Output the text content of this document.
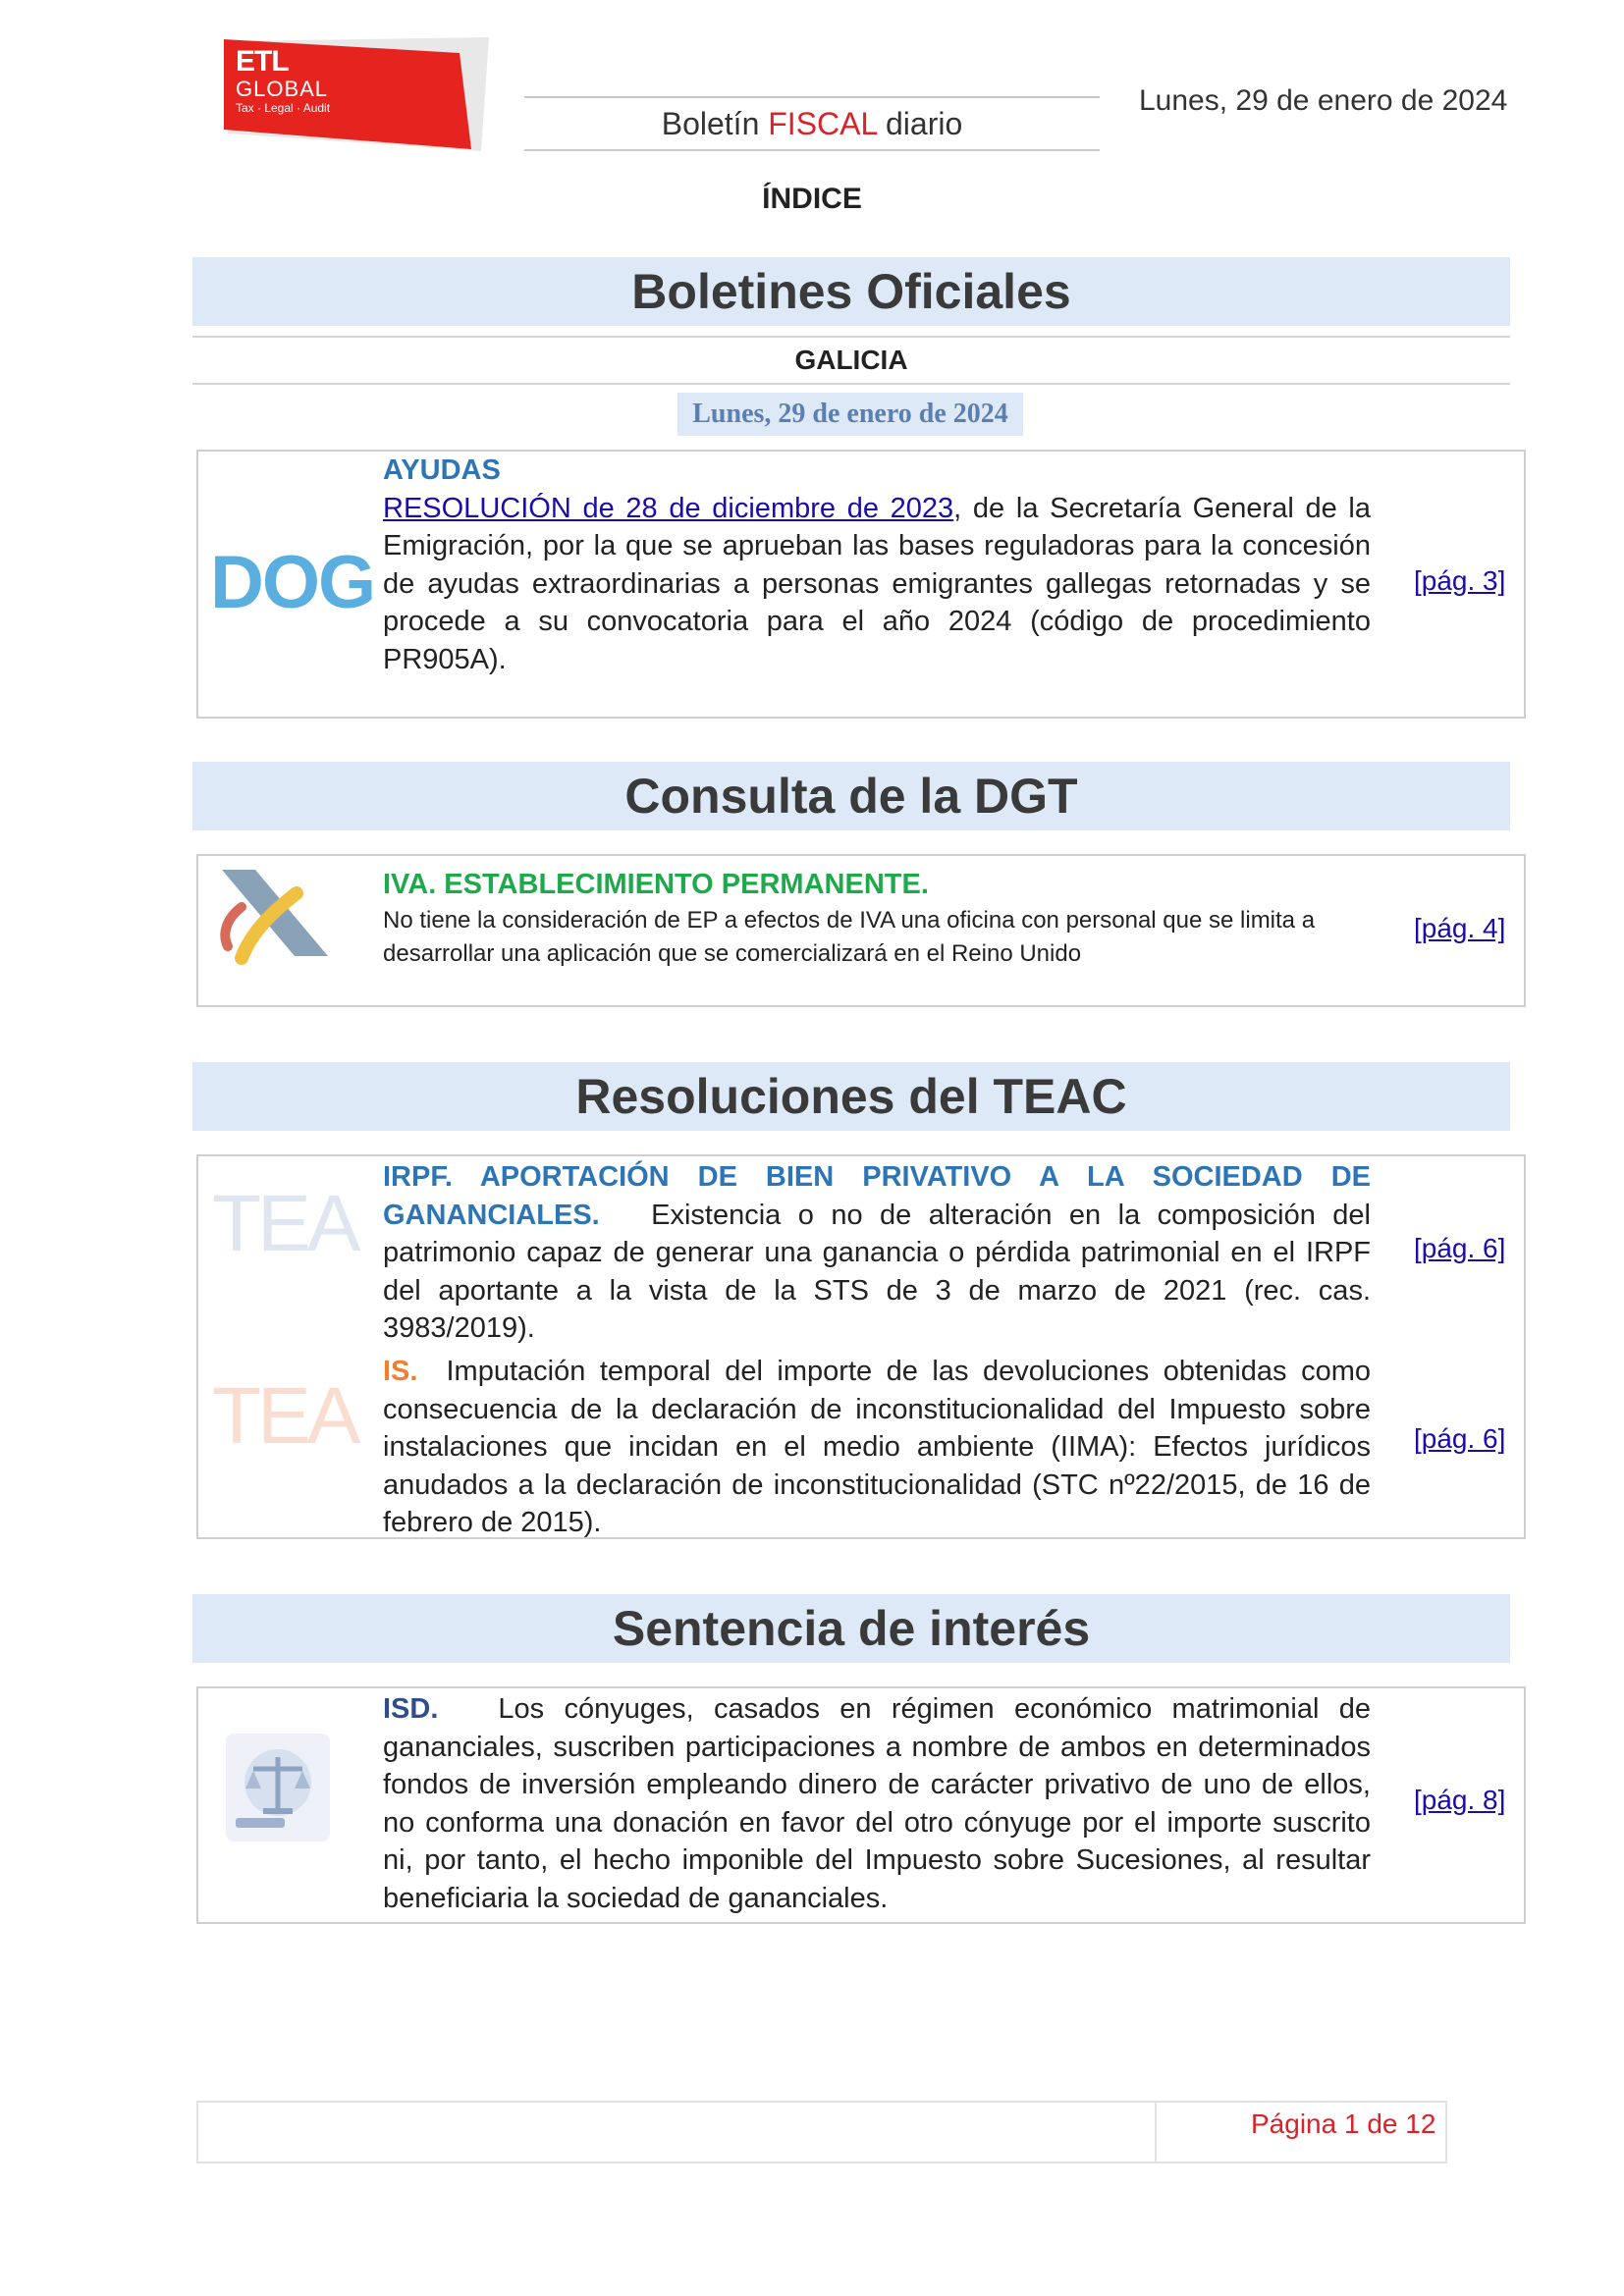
ETL
GLOBAL
Tax · Legal · Audit	Boletín FISCAL diario
Lunes, 29 de enero de 2024
ÍNDICE
Boletines Oficiales
GALICIA
Lunes, 29 de enero de 2024
DOG
AYUDAS
RESOLUCIÓN de 28 de diciembre de 2023, de la Secretaría General de la Emigración, por la que se aprueban las bases reguladoras para la concesión de ayudas extraordinarias a personas emigrantes gallegas retornadas y se procede a su convocatoria para el año 2024 (código de procedimiento PR905A).
[pág. 3]
Consulta de la DGT
IVA. ESTABLECIMIENTO PERMANENTE.
No tiene la consideración de EP a efectos de IVA una oficina con personal que se limita a desarrollar una aplicación que se comercializará en el Reino Unido
[pág. 4]
Resoluciones del TEAC
TEA
TEA
IRPF. APORTACIÓN DE BIEN PRIVATIVO A LA SOCIEDAD DE GANANCIALES. Existencia o no de alteración en la composición del patrimonio capaz de generar una ganancia o pérdida patrimonial en el IRPF del aportante a la vista de la STS de 3 de marzo de 2021 (rec. cas. 3983/2019).
[pág. 6]
IS. Imputación temporal del importe de las devoluciones obtenidas como consecuencia de la declaración de inconstitucionalidad del Impuesto sobre instalaciones que incidan en el medio ambiente (IIMA): Efectos jurídicos anudados a la declaración de inconstitucionalidad (STC nº22/2015, de 16 de febrero de 2015).
[pág. 6]
Sentencia de interés
ISD. Los cónyuges, casados en régimen económico matrimonial de gananciales, suscriben participaciones a nombre de ambos en determinados fondos de inversión empleando dinero de carácter privativo de uno de ellos, no conforma una donación en favor del otro cónyuge por el importe suscrito ni, por tanto, el hecho imponible del Impuesto sobre Sucesiones, al resultar beneficiaria la sociedad de gananciales.
[pág. 8]
Página 1 de 12
